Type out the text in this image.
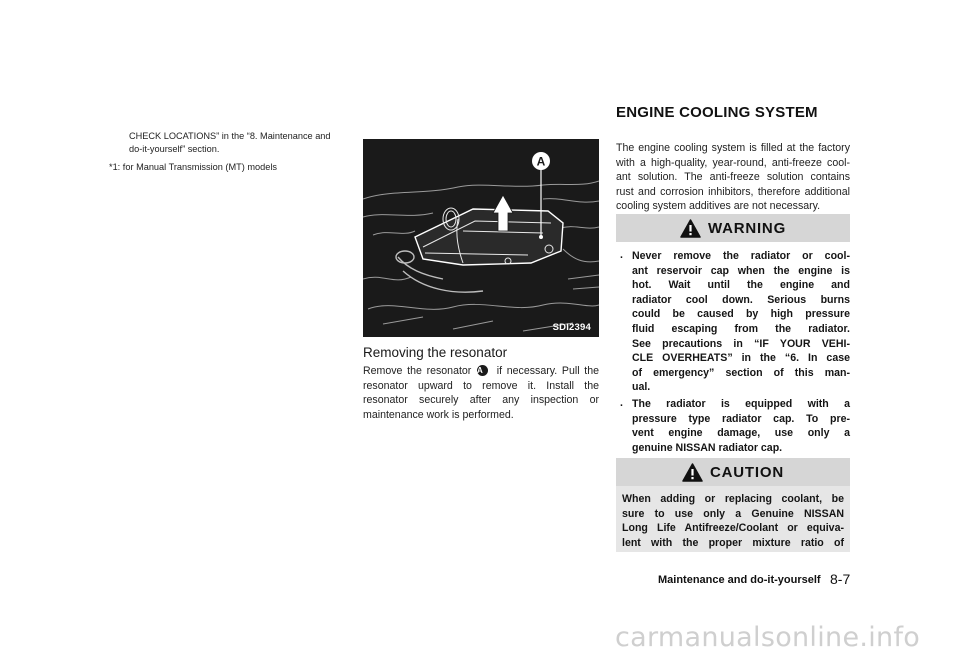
CHECK LOCATIONS” in the “8. Maintenance and
do-it-yourself” section.
*1: for Manual Transmission (MT) models	A
SDI2394
Removing the resonator
Remove the resonator A if necessary. Pull the
resonator upward to remove it. Install the
resonator securely after any inspection or
maintenance work is performed.
ENGINE COOLING SYSTEM
The engine cooling system is filled at the factory
with a high-quality, year-round, anti-freeze cool-
ant solution. The anti-freeze solution contains
rust and corrosion inhibitors, therefore additional
cooling system additives are not necessary.
WARNING
. Never remove the radiator or cool-
ant reservoir cap when the engine is
hot. Wait until the engine and
radiator cool down. Serious burns
could be caused by high pressure
fluid escaping from the radiator.
See precautions in “IF YOUR VEHI-
CLE OVERHEATS” in the “6. In case
of emergency” section of this man-
ual.
. The radiator is equipped with a
pressure type radiator cap. To pre-
vent engine damage, use only a
genuine NISSAN radiator cap.
CAUTION
When adding or replacing coolant, be
sure to use only a Genuine NISSAN
Long Life Antifreeze/Coolant or equiva-
lent with the proper mixture ratio of
Maintenance and do-it-yourself 8-7
carmanualsonline.info
